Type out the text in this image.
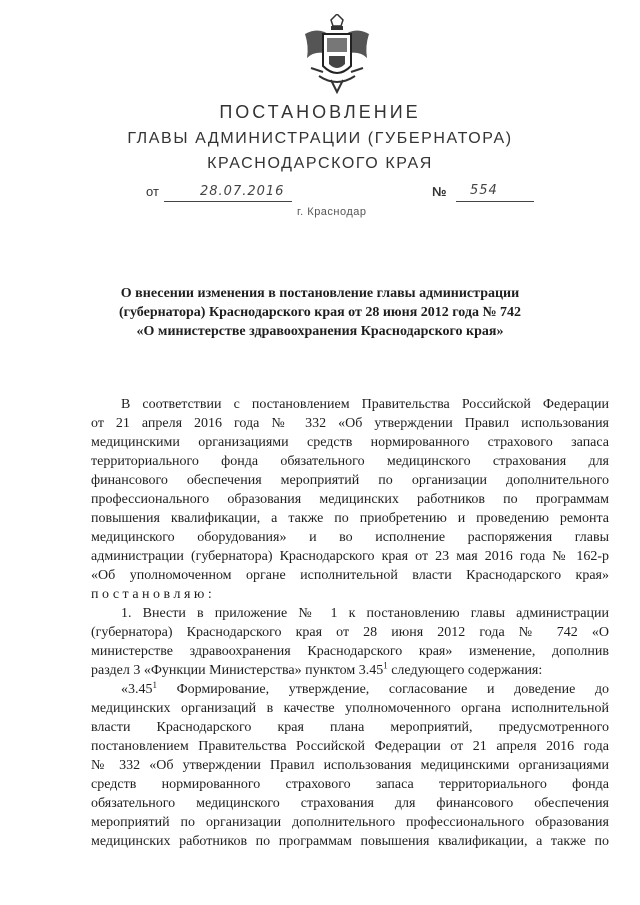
ПОСТАНОВЛЕНИЕ
ГЛАВЫ АДМИНИСТРАЦИИ (ГУБЕРНАТОРА)
КРАСНОДАРСКОГО КРАЯ
от	28.07.2016	№ 554
г. Краснодар
О внесении изменения в постановление главы администрации
(губернатора) Краснодарского края от 28 июня 2012 года № 742
«О министерстве здравоохранения Краснодарского края»
В соответствии с постановлением Правительства Российской Федерации
от 21 апреля 2016 года № 332 «Об утверждении Правил использования
медицинскими организациями средств нормированного страхового запаса
территориального фонда обязательного медицинского страхования для
финансового обеспечения мероприятий по организации дополнительного
профессионального образования медицинских работников по программам
повышения квалификации, а также по приобретению и проведению ремонта
медицинского оборудования» и во исполнение распоряжения главы
администрации (губернатора) Краснодарского края от 23 мая 2016 года № 162-р
«Об уполномоченном органе исполнительной власти Краснодарского края»
постановляю:
1. Внести в приложение № 1 к постановлению главы администрации
(губернатора) Краснодарского края от 28 июня 2012 года № 742 «О
министерстве здравоохранения Краснодарского края» изменение, дополнив
раздел 3 «Функции Министерства» пунктом 3.45$^1$ следующего содержания:
«3.45 1 Формирование, утверждение, согласование и доведение до
медицинских организаций в качестве уполномоченного органа исполнительной
власти Краснодарского края плана мероприятий, предусмотренного
постановлением Правительства Российской Федерации от 21 апреля 2016 года
№ 332 «Об утверждении Правил использования медицинскими организациями
средств нормированного страхового запаса территориального фонда
обязательного медицинского страхования для финансового обеспечения
мероприятий по организации дополнительного профессионального образования
медицинских работников по программам повышения квалификации, а также по
